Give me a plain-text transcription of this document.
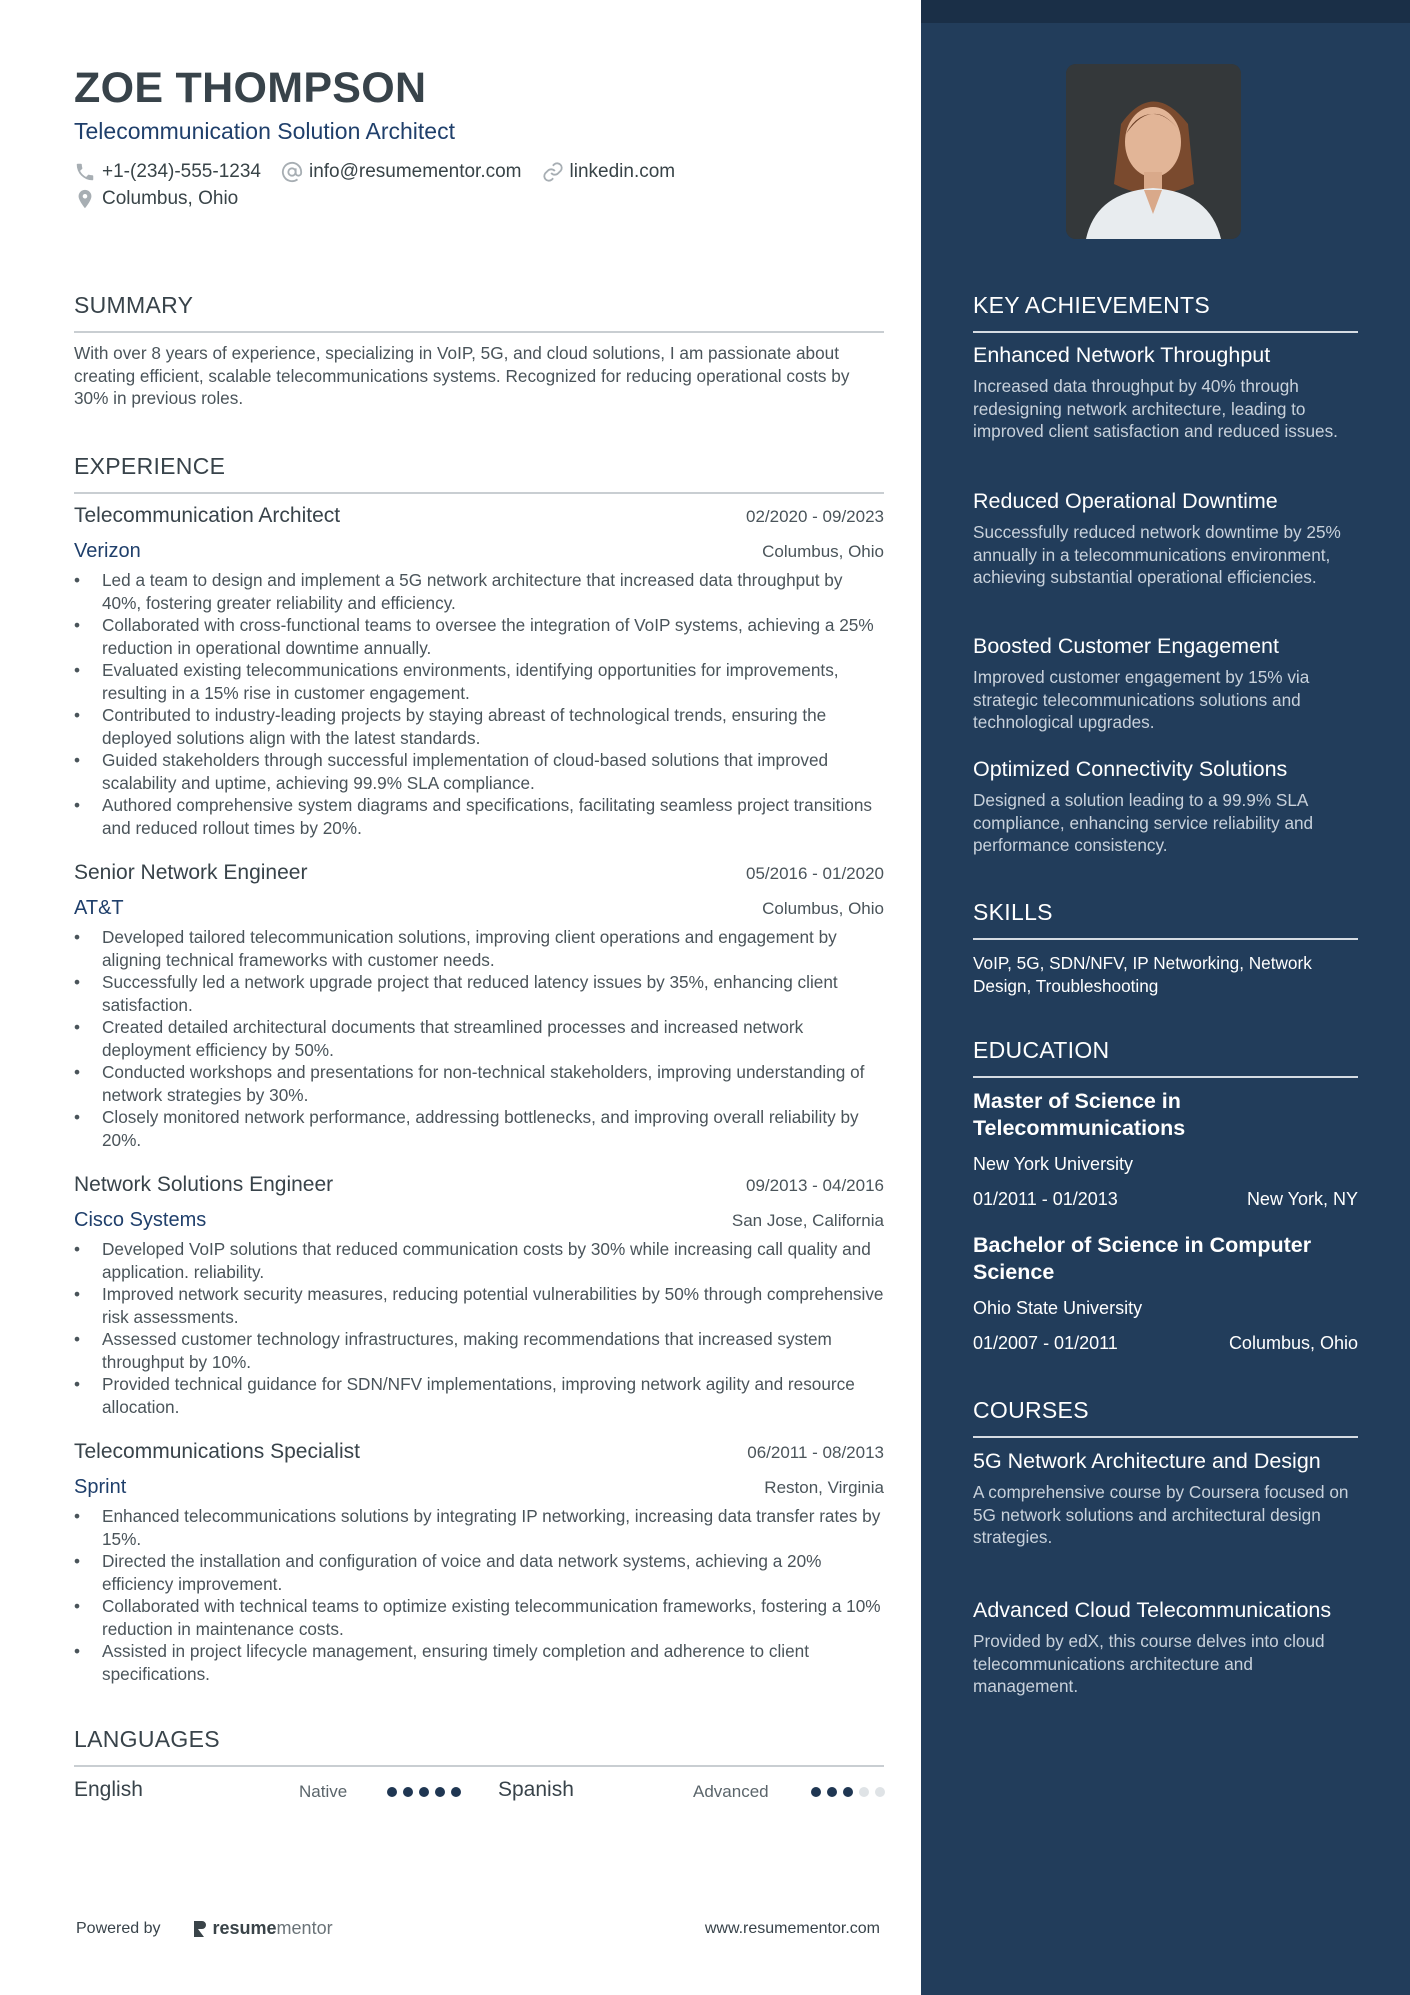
ZOE THOMPSON
Telecommunication Solution Architect
+1-(234)-555-1234	info@resumementor.com	linkedin.com
Columbus, Ohio
SUMMARY
With over 8 years of experience, specializing in VoIP, 5G, and cloud solutions, I am passionate about creating efficient, scalable telecommunications systems. Recognized for reducing operational costs by 30% in previous roles.
EXPERIENCE
Telecommunication Architect	02/2020 - 09/2023
Verizon	Columbus, Ohio
• Led a team to design and implement a 5G network architecture that increased data throughput by 40%, fostering greater reliability and efficiency.
• Collaborated with cross-functional teams to oversee the integration of VoIP systems, achieving a 25% reduction in operational downtime annually.
• Evaluated existing telecommunications environments, identifying opportunities for improvements, resulting in a 15% rise in customer engagement.
• Contributed to industry-leading projects by staying abreast of technological trends, ensuring the deployed solutions align with the latest standards.
• Guided stakeholders through successful implementation of cloud-based solutions that improved scalability and uptime, achieving 99.9% SLA compliance.
• Authored comprehensive system diagrams and specifications, facilitating seamless project transitions and reduced rollout times by 20%.
Senior Network Engineer	05/2016 - 01/2020
AT&T	Columbus, Ohio
• Developed tailored telecommunication solutions, improving client operations and engagement by aligning technical frameworks with customer needs.
• Successfully led a network upgrade project that reduced latency issues by 35%, enhancing client satisfaction.
• Created detailed architectural documents that streamlined processes and increased network deployment efficiency by 50%.
• Conducted workshops and presentations for non-technical stakeholders, improving understanding of network strategies by 30%.
• Closely monitored network performance, addressing bottlenecks, and improving overall reliability by 20%.
Network Solutions Engineer	09/2013 - 04/2016
Cisco Systems	San Jose, California
• Developed VoIP solutions that reduced communication costs by 30% while increasing call quality and application. reliability.
• Improved network security measures, reducing potential vulnerabilities by 50% through comprehensive risk assessments.
• Assessed customer technology infrastructures, making recommendations that increased system throughput by 10%.
• Provided technical guidance for SDN/NFV implementations, improving network agility and resource allocation.
Telecommunications Specialist	06/2011 - 08/2013
Sprint	Reston, Virginia
• Enhanced telecommunications solutions by integrating IP networking, increasing data transfer rates by 15%.
• Directed the installation and configuration of voice and data network systems, achieving a 20% efficiency improvement.
• Collaborated with technical teams to optimize existing telecommunication frameworks, fostering a 10% reduction in maintenance costs.
• Assisted in project lifecycle management, ensuring timely completion and adherence to client specifications.
LANGUAGES
English	Native	Spanish	Advanced
Powered by	resumementor	www.resumementor.com
KEY ACHIEVEMENTS
Enhanced Network Throughput
Increased data throughput by 40% through redesigning network architecture, leading to improved client satisfaction and reduced issues.
Reduced Operational Downtime
Successfully reduced network downtime by 25% annually in a telecommunications environment, achieving substantial operational efficiencies.
Boosted Customer Engagement
Improved customer engagement by 15% via strategic telecommunications solutions and technological upgrades.
Optimized Connectivity Solutions
Designed a solution leading to a 99.9% SLA compliance, enhancing service reliability and performance consistency.
SKILLS
VoIP, 5G, SDN/NFV, IP Networking, Network Design, Troubleshooting
EDUCATION
Master of Science in Telecommunications
New York University
01/2011 - 01/2013	New York, NY
Bachelor of Science in Computer Science
Ohio State University
01/2007 - 01/2011	Columbus, Ohio
COURSES
5G Network Architecture and Design
A comprehensive course by Coursera focused on 5G network solutions and architectural design strategies.
Advanced Cloud Telecommunications
Provided by edX, this course delves into cloud telecommunications architecture and management.
